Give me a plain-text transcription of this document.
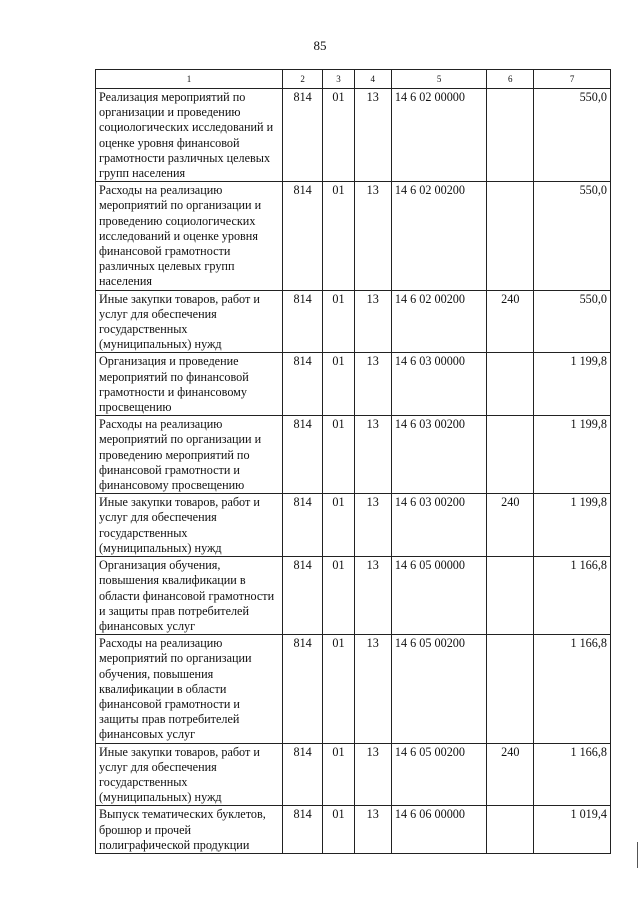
85
1	2	3	4	5	6	7
Реализация мероприятий по организации и проведению социологических исследований и оценке уровня финансовой грамотности различных целевых групп населения	814	01	13	14 6 02 00000		550,0
Расходы на реализацию мероприятий по организации и проведению социологических исследований и оценке уровня финансовой грамотности различных целевых групп населения	814	01	13	14 6 02 00200		550,0
Иные закупки товаров, работ и услуг для обеспечения государственных (муниципальных) нужд	814	01	13	14 6 02 00200	240	550,0
Организация и проведение мероприятий по финансовой грамотности и финансовому просвещению	814	01	13	14 6 03 00000		1 199,8
Расходы на реализацию мероприятий по организации и проведению мероприятий по финансовой грамотности и финансовому просвещению	814	01	13	14 6 03 00200		1 199,8
Иные закупки товаров, работ и услуг для обеспечения государственных (муниципальных) нужд	814	01	13	14 6 03 00200	240	1 199,8
Организация обучения, повышения квалификации в области финансовой грамотности и защиты прав потребителей финансовых услуг	814	01	13	14 6 05 00000		1 166,8
Расходы на реализацию мероприятий по организации обучения, повышения квалификации в области финансовой грамотности и защиты прав потребителей финансовых услуг	814	01	13	14 6 05 00200		1 166,8
Иные закупки товаров, работ и услуг для обеспечения государственных (муниципальных) нужд	814	01	13	14 6 05 00200	240	1 166,8
Выпуск тематических буклетов, брошюр и прочей полиграфической продукции	814	01	13	14 6 06 00000		1 019,4
